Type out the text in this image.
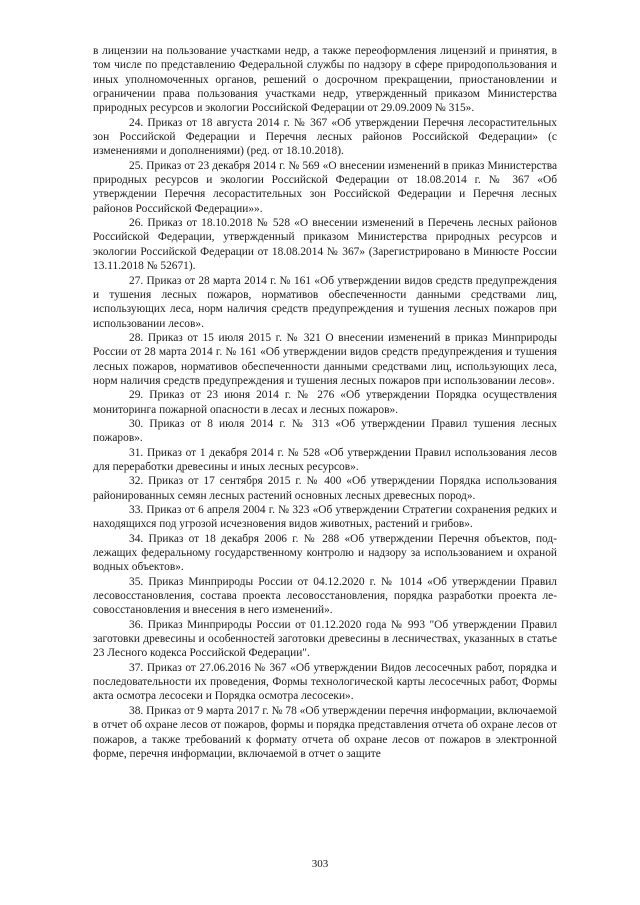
в лицензии на пользование участками недр, а также переоформления лицензий и принятия, в том числе по представлению Федеральной службы по надзору в сфере природопользования и иных уполномоченных органов, решений о досрочном прекращении, приостановлении и ограничении права пользования участками недр, утвержденный приказом Министерства природных ресурсов и экологии Российской Федерации от 29.09.2009 № 315».

24. Приказ от 18 августа 2014 г. № 367 «Об утверждении Перечня лесорастительных зон Российской Федерации и Перечня лесных районов Российской Федерации» (с изменениями и дополнениями) (ред. от 18.10.2018).

25. Приказ от 23 декабря 2014 г. № 569 «О внесении изменений в приказ Министерства природных ресурсов и экологии Российской Федерации от 18.08.2014 г. № 367 «Об утверждении Перечня лесорастительных зон Российской Федерации и Перечня лесных районов Российской Федерации»».

26. Приказ от 18.10.2018 № 528 «О внесении изменений в Перечень лесных районов Российской Федерации, утвержденный приказом Министерства природных ресурсов и экологии Российской Федерации от 18.08.2014 № 367» (Зарегистрировано в Минюсте России 13.11.2018 № 52671).

27. Приказ от 28 марта 2014 г. № 161 «Об утверждении видов средств предупреждения и тушения лесных пожаров, нормативов обеспеченности данными средствами лиц, использующих леса, норм наличия средств предупреждения и тушения лесных пожаров при использовании лесов».

28. Приказ от 15 июля 2015 г. № 321 О внесении изменений в приказ Минприроды России от 28 марта 2014 г. № 161 «Об утверждении видов средств предупреждения и тушения лесных пожаров, нормативов обеспеченности данными средствами лиц, использующих леса, норм наличия средств предупреждения и тушения лесных пожаров при использовании лесов».

29. Приказ от 23 июня 2014 г. № 276 «Об утверждении Порядка осуществления мониторинга пожарной опасности в лесах и лесных пожаров».

30. Приказ от 8 июля 2014 г. № 313 «Об утверждении Правил тушения лесных пожаров».

31. Приказ от 1 декабря 2014 г. № 528 «Об утверждении Правил использования лесов для переработки древесины и иных лесных ресурсов».

32. Приказ от 17 сентября 2015 г. № 400 «Об утверждении Порядка использования районированных семян лесных растений основных лесных древесных пород».

33. Приказ от 6 апреля 2004 г. № 323 «Об утверждении Стратегии сохранения редких и находящихся под угрозой исчезновения видов животных, растений и грибов».

34. Приказ от 18 декабря 2006 г. № 288 «Об утверждении Перечня объектов, подлежащих федеральному государственному контролю и надзору за использованием и охраной водных объектов».

35. Приказ Минприроды России от 04.12.2020 г. № 1014 «Об утверждении Правил лесовосстановления, состава проекта лесовосстановления, порядка разработки проекта лесовосстановления и внесения в него изменений».

36. Приказ Минприроды России от 01.12.2020 года № 993 "Об утверждении Правил заготовки древесины и особенностей заготовки древесины в лесничествах, указанных в статье 23 Лесного кодекса Российской Федерации".

37. Приказ от 27.06.2016 № 367 «Об утверждении Видов лесосечных работ, порядка и последовательности их проведения, Формы технологической карты лесосечных работ, Формы акта осмотра лесосеки и Порядка осмотра лесосеки».

38. Приказ от 9 марта 2017 г. № 78 «Об утверждении перечня информации, включаемой в отчет об охране лесов от пожаров, формы и порядка представления отчета об охране лесов от пожаров, а также требований к формату отчета об охране лесов от пожаров в электронной форме, перечня информации, включаемой в отчет о защите

303
